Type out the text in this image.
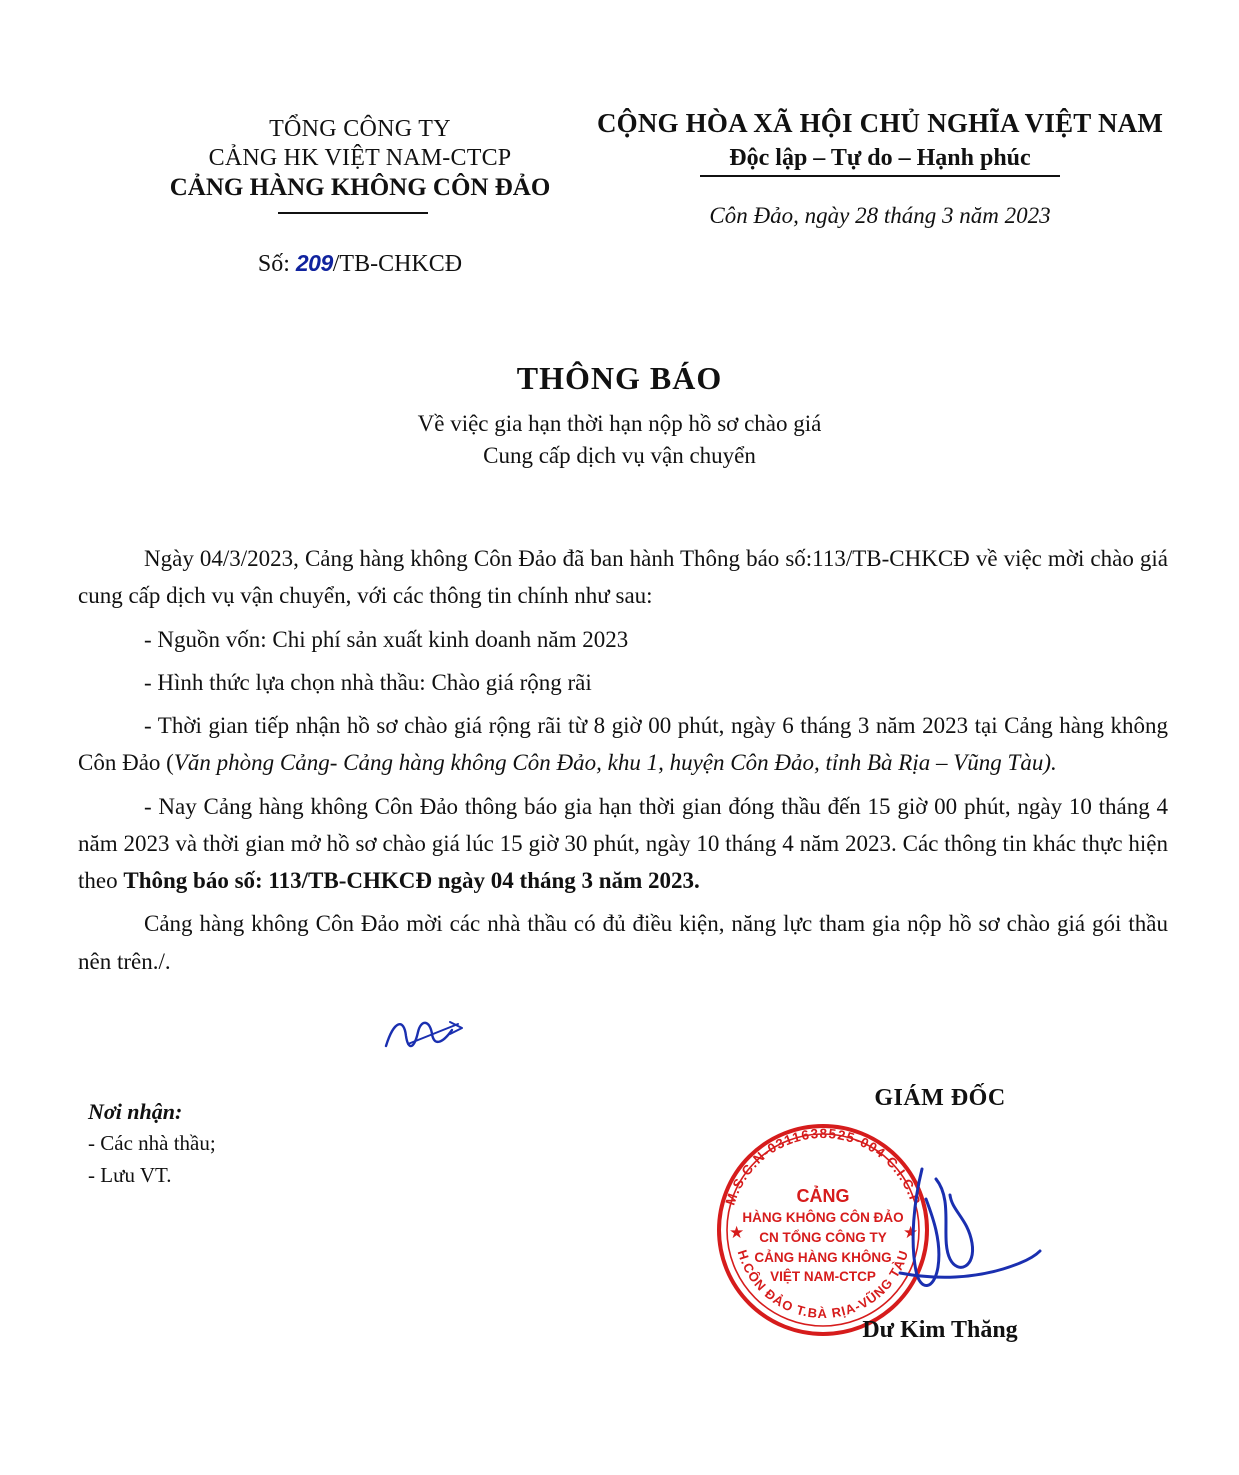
TỔNG CÔNG TY
CẢNG HK VIỆT NAM-CTCP
CẢNG HÀNG KHÔNG CÔN ĐẢO
Số: 209/TB-CHKCĐ
CỘNG HÒA XÃ HỘI CHỦ NGHĨA VIỆT NAM
Độc lập – Tự do – Hạnh phúc
Côn Đảo, ngày 28 tháng 3 năm 2023
THÔNG BÁO
Về việc gia hạn thời hạn nộp hồ sơ chào giá
Cung cấp dịch vụ vận chuyển
Ngày 04/3/2023, Cảng hàng không Côn Đảo đã ban hành Thông báo số:113/TB-CHKCĐ về việc mời chào giá cung cấp dịch vụ vận chuyển, với các thông tin chính như sau:
- Nguồn vốn: Chi phí sản xuất kinh doanh năm 2023
- Hình thức lựa chọn nhà thầu: Chào giá rộng rãi
- Thời gian tiếp nhận hồ sơ chào giá rộng rãi từ 8 giờ 00 phút, ngày 6 tháng 3 năm 2023 tại Cảng hàng không Côn Đảo (Văn phòng Cảng- Cảng hàng không Côn Đảo, khu 1, huyện Côn Đảo, tỉnh Bà Rịa – Vũng Tàu).
- Nay Cảng hàng không Côn Đảo thông báo gia hạn thời gian đóng thầu đến 15 giờ 00 phút, ngày 10 tháng 4 năm 2023 và thời gian mở hồ sơ chào giá lúc 15 giờ 30 phút, ngày 10 tháng 4 năm 2023. Các thông tin khác thực hiện theo Thông báo số: 113/TB-CHKCĐ ngày 04 tháng 3 năm 2023.
Cảng hàng không Côn Đảo mời các nhà thầu có đủ điều kiện, năng lực tham gia nộp hồ sơ chào giá gói thầu nên trên./.
Nơi nhận:
- Các nhà thầu;
- Lưu VT.
GIÁM ĐỐC
M.S.C.N-0311638525-004 C.I.C.P
H.CÔN ĐẢO T.BÀ RỊA-VŨNG TÀU
★	★
CẢNG
HÀNG KHÔNG CÔN ĐẢO
CN TỔNG CÔNG TY
CẢNG HÀNG KHÔNG
VIỆT NAM-CTCP
Dư Kim Thăng
